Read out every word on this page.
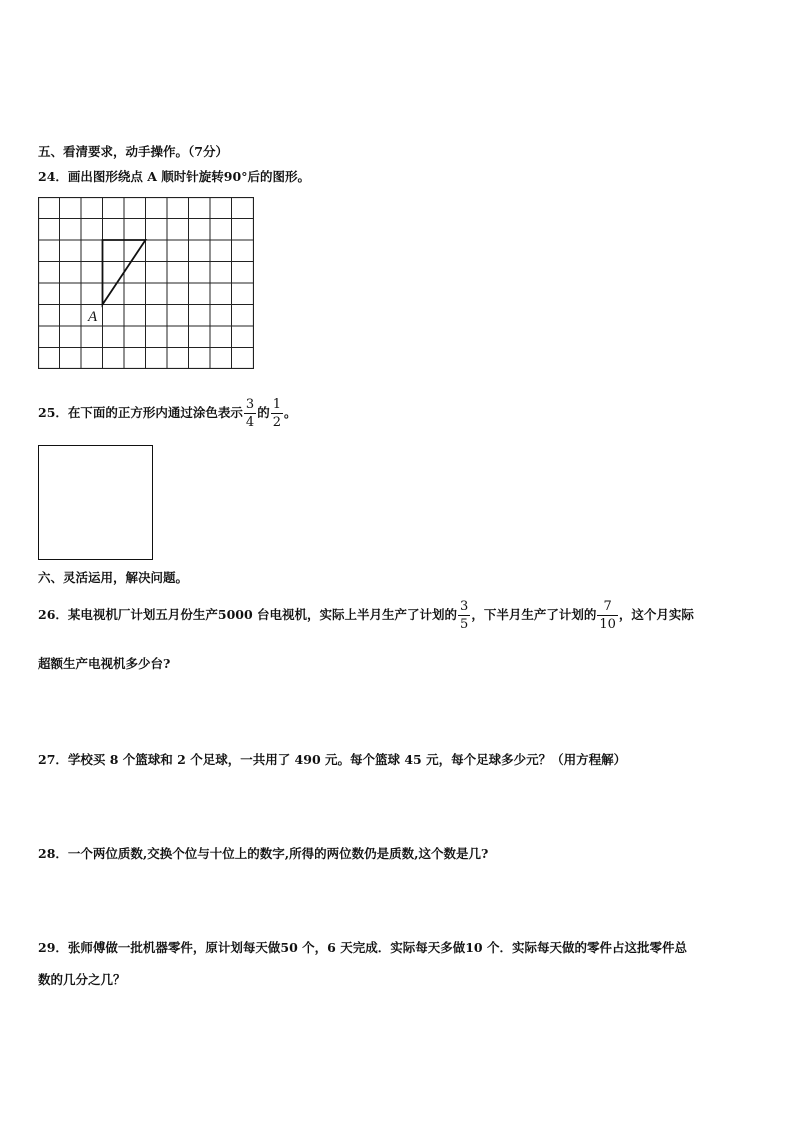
五、看清要求，动手操作。（7分）
24．画出图形绕点 A 顺时针旋转90°后的图形。
A
25．在下面的正方形内通过涂色表示 $\frac{3}{4}$ 的 $\frac{1}{2}$ 。
六、灵活运用，解决问题。
26．某电视机厂计划五月份生产5000 台电视机，实际上半月生产了计划的 $\frac{3}{5}$ ，下半月生产了计划的 $\frac{7}{10}$ ，这个月实际
超额生产电视机多少台?
27．学校买 8 个篮球和 2 个足球，一共用了 490 元。每个篮球 45 元，每个足球多少元？（用方程解）
28．一个两位质数,交换个位与十位上的数字,所得的两位数仍是质数,这个数是几?
29．张师傅做一批机器零件，原计划每天做50 个，6 天完成．实际每天多做10 个．实际每天做的零件占这批零件总
数的几分之几？
